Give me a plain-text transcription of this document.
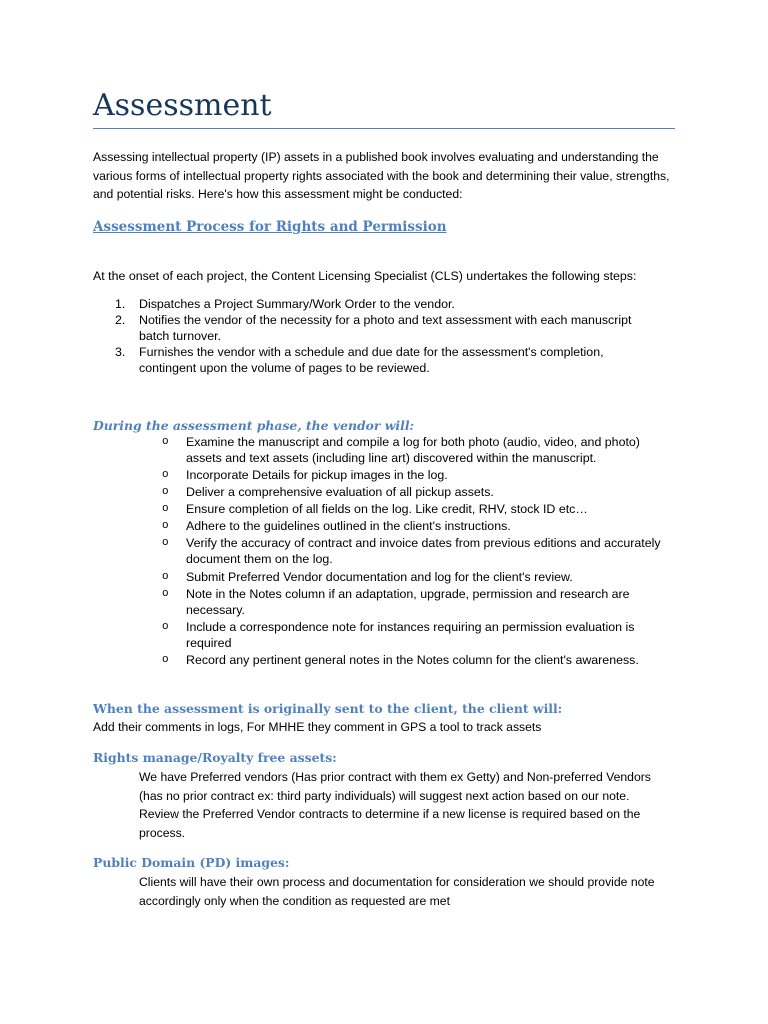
Assessment

Assessing intellectual property (IP) assets in a published book involves evaluating and understanding the various forms of intellectual property rights associated with the book and determining their value, strengths, and potential risks. Here's how this assessment might be conducted:

Assessment Process for Rights and Permission

At the onset of each project, the Content Licensing Specialist (CLS) undertakes the following steps:

1. Dispatches a Project Summary/Work Order to the vendor.
2. Notifies the vendor of the necessity for a photo and text assessment with each manuscript batch turnover.
3. Furnishes the vendor with a schedule and due date for the assessment's completion, contingent upon the volume of pages to be reviewed.
During the assessment phase, the vendor will:
o Examine the manuscript and compile a log for both photo (audio, video, and photo) assets and text assets (including line art) discovered within the manuscript.
o Incorporate Details for pickup images in the log.
o Deliver a comprehensive evaluation of all pickup assets.
o Ensure completion of all fields on the log. Like credit, RHV, stock ID etc…
o Adhere to the guidelines outlined in the client's instructions.
o Verify the accuracy of contract and invoice dates from previous editions and accurately document them on the log.
o Submit Preferred Vendor documentation and log for the client's review.
o Note in the Notes column if an adaptation, upgrade, permission and research are necessary.
o Include a correspondence note for instances requiring an permission evaluation is required
o Record any pertinent general notes in the Notes column for the client's awareness.
When the assessment is originally sent to the client, the client will:

Add their comments in logs, For MHHE they comment in GPS a tool to track assets

Rights manage/Royalty free assets:

We have Preferred vendors (Has prior contract with them ex Getty) and Non-preferred Vendors (has no prior contract ex: third party individuals) will suggest next action based on our note. Review the Preferred Vendor contracts to determine if a new license is required based on the process.

Public Domain (PD) images:

Clients will have their own process and documentation for consideration we should provide note accordingly only when the condition as requested are met
